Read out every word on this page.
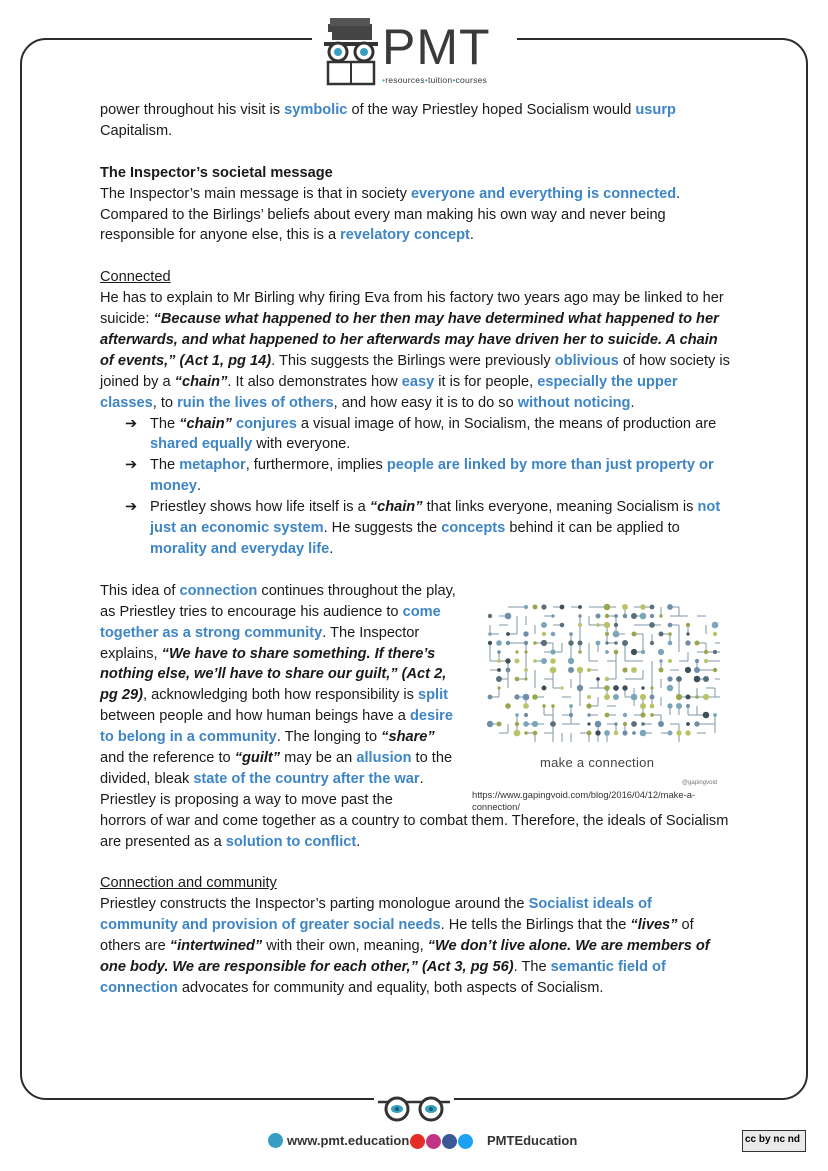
PMT
•resources•tuition•courses

power throughout his visit is symbolic of the way Priestley hoped Socialism would usurp Capitalism.

The Inspector’s societal message

The Inspector’s main message is that in society everyone and everything is connected. Compared to the Birlings’ beliefs about every man making his own way and never being responsible for anyone else, this is a revelatory concept.

Connected

He has to explain to Mr Birling why firing Eva from his factory two years ago may be linked to her suicide: “Because what happened to her then may have determined what happened to her afterwards, and what happened to her afterwards may have driven her to suicide. A chain of events,” (Act 1, pg 14). This suggests the Birlings were previously oblivious of how society is joined by a “chain”. It also demonstrates how easy it is for people, especially the upper classes, to ruin the lives of others, and how easy it is to do so without noticing.

➔ The “chain” conjures a visual image of how, in Socialism, the means of production are shared equally with everyone.
➔ The metaphor, furthermore, implies people are linked by more than just property or money.
➔ Priestley shows how life itself is a “chain” that links everyone, meaning Socialism is not just an economic system. He suggests the concepts behind it can be applied to morality and everyday life.

This idea of connection continues throughout the play, as Priestley tries to encourage his audience to come together as a strong community. The Inspector explains, “We have to share something. If there’s nothing else, we’ll have to share our guilt,” (Act 2, pg 29), acknowledging both how responsibility is split between people and how human beings have a desire to belong in a community. The longing to “share” and the reference to “guilt” may be an allusion to the divided, bleak state of the country after the war. Priestley is proposing a way to move past the

make a connection
@gapingvoid
https://www.gapingvoid.com/blog/2016/04/12/make-a-connection/

horrors of war and come together as a country to combat them. Therefore, the ideals of Socialism are presented as a solution to conflict.

Connection and community

Priestley constructs the Inspector’s parting monologue around the Socialist ideals of community and provision of greater social needs. He tells the Birlings that the “lives” of others are “intertwined” with their own, meaning, “We don’t live alone. We are members of one body. We are responsible for each other,” (Act 3, pg 56). The semantic field of connection advocates for community and equality, both aspects of Socialism.

www.pmt.education	PMTEducation	cc by nc nd
